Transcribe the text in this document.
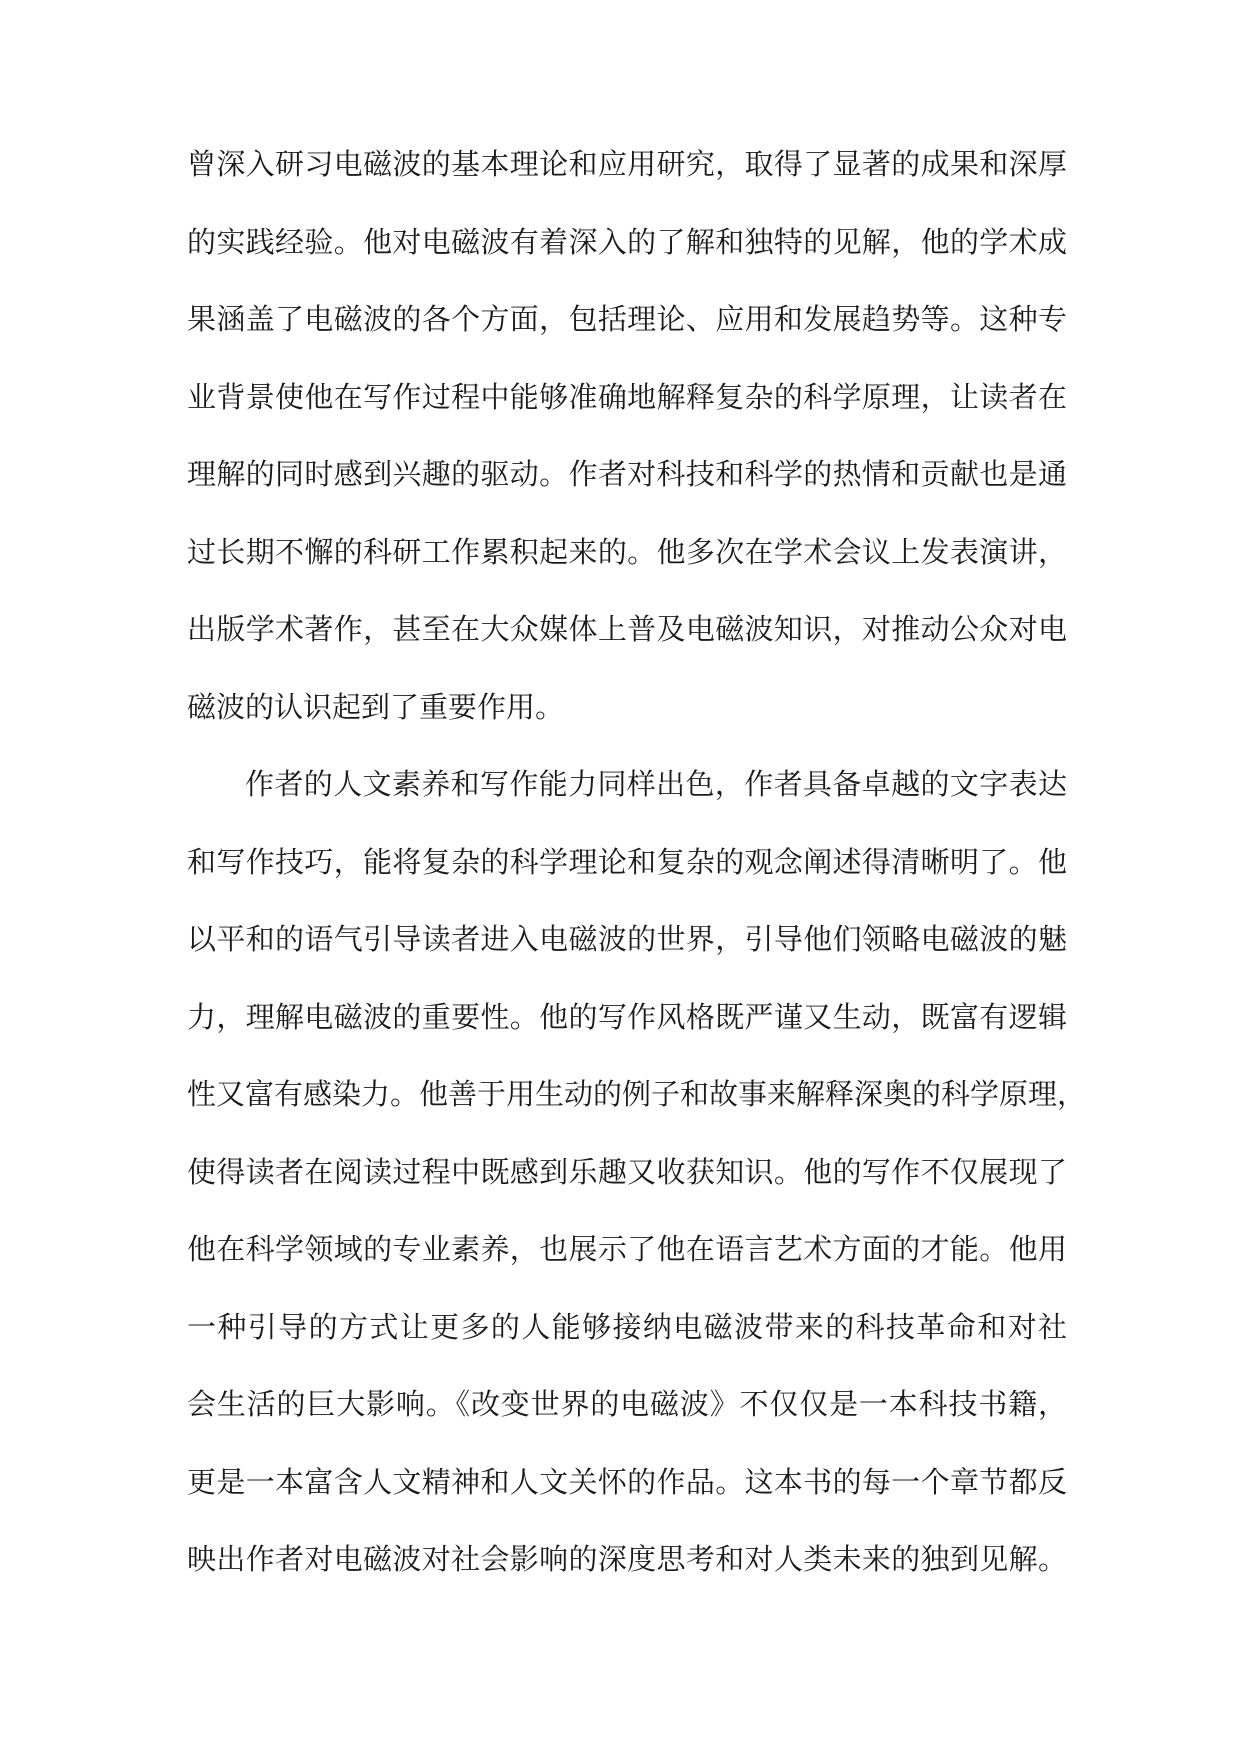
曾深入研习电磁波的基本理论和应用研究，取得了显著的成果和深厚
的实践经验。他对电磁波有着深入的了解和独特的见解，他的学术成
果涵盖了电磁波的各个方面，包括理论、应用和发展趋势等。这种专
业背景使他在写作过程中能够准确地解释复杂的科学原理，让读者在
理解的同时感到兴趣的驱动。作者对科技和科学的热情和贡献也是通
过长期不懈的科研工作累积起来的。他多次在学术会议上发表演讲，
出版学术著作，甚至在大众媒体上普及电磁波知识，对推动公众对电
磁波的认识起到了重要作用。
作者的人文素养和写作能力同样出色，作者具备卓越的文字表达
和写作技巧，能将复杂的科学理论和复杂的观念阐述得清晰明了。他
以平和的语气引导读者进入电磁波的世界，引导他们领略电磁波的魅
力，理解电磁波的重要性。他的写作风格既严谨又生动，既富有逻辑
性又富有感染力。他善于用生动的例子和故事来解释深奥的科学原理，
使得读者在阅读过程中既感到乐趣又收获知识。他的写作不仅展现了
他在科学领域的专业素养，也展示了他在语言艺术方面的才能。他用
一种引导的方式让更多的人能够接纳电磁波带来的科技革命和对社
会生活的巨大影响。《改变世界的电磁波》不仅仅是一本科技书籍，
更是一本富含人文精神和人文关怀的作品。这本书的每一个章节都反
映出作者对电磁波对社会影响的深度思考和对人类未来的独到见解。
